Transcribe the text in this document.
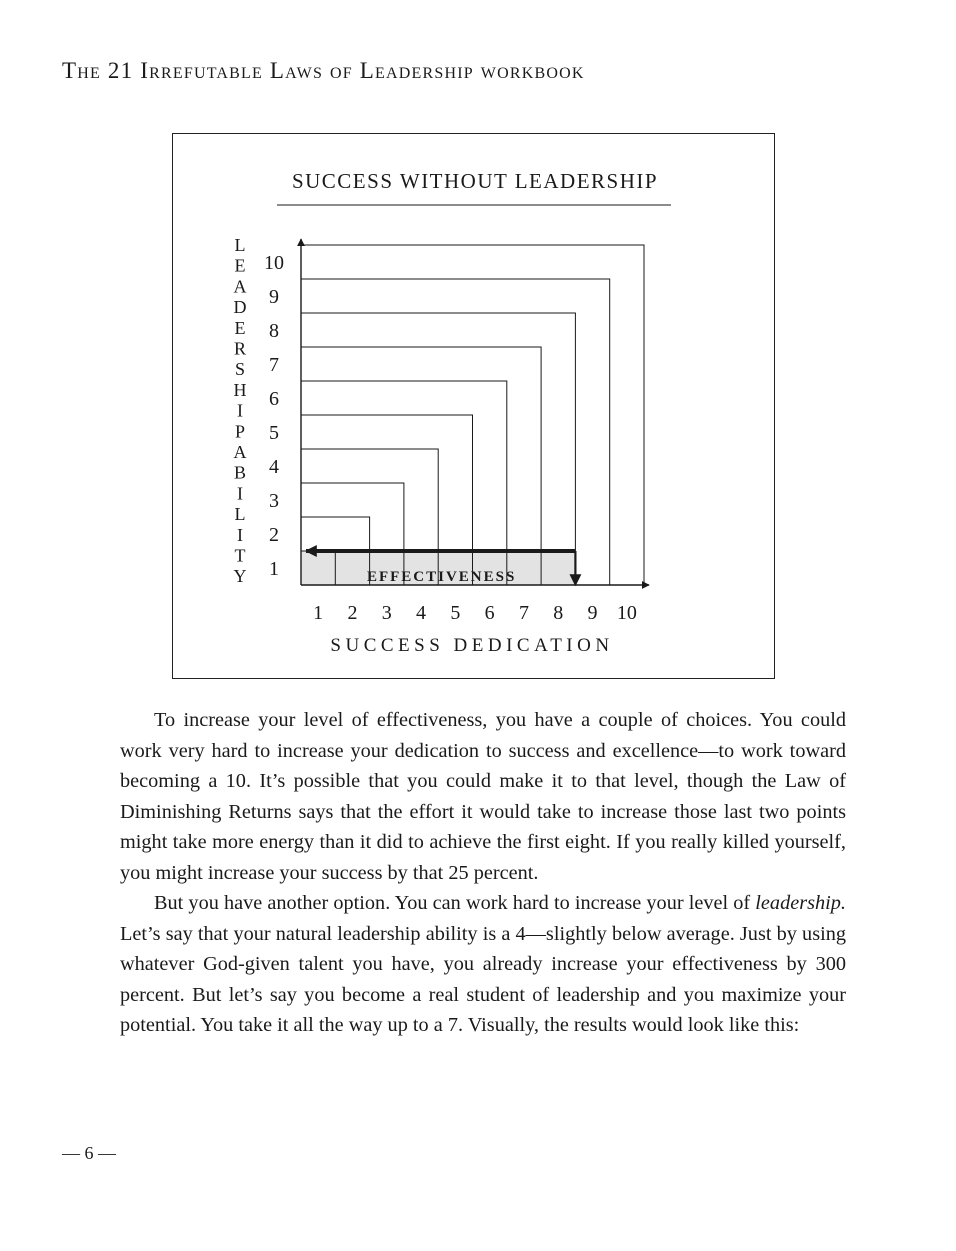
The 21 Irrefutable Laws of Leadership workbook
SUCCESS WITHOUT LEADERSHIP
EFFECTIVENESS
1 2 3 4 5 6 7 8 9 10
1
2
3
4
5
6
7
8
9
10
L
E
A
D
E
R
S
H
I
P
A
B
I
L
I
T
Y
SUCCESS DEDICATION

To increase your level of effectiveness, you have a couple of choices. You could work very hard to increase your dedication to success and excellence—to work toward becoming a 10. It’s possible that you could make it to that level, though the Law of Diminishing Returns says that the effort it would take to increase those last two points might take more energy than it did to achieve the first eight. If you really killed yourself, you might increase your success by that 25 percent.

But you have another option. You can work hard to increase your level of leadership. Let’s say that your natural leadership ability is a 4—slightly below average. Just by using whatever God-given talent you have, you already increase your effectiveness by 300 percent. But let’s say you become a real student of leadership and you maximize your potential. You take it all the way up to a 7. Visually, the results would look like this:

— 6 —
